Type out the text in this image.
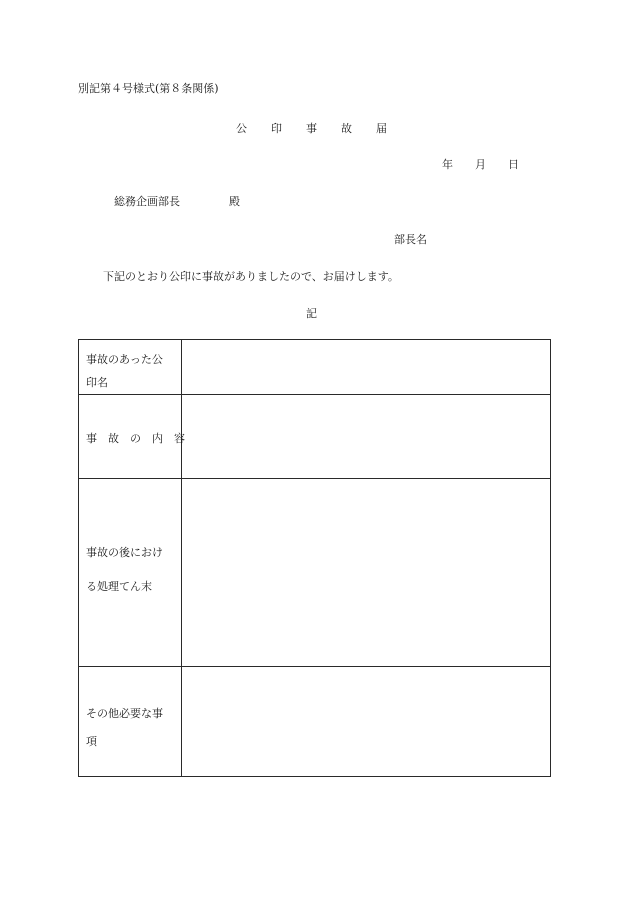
別記第４号様式(第８条関係)
公 印 事 故 届
年 月 日
総務企画部長	殿
部長名
下記のとおり公印に事故がありましたので、お届けします。
記
事故のあった公
印名
事　故　の　内　容
事故の後におけ
る処理てん末
その他必要な事
項
